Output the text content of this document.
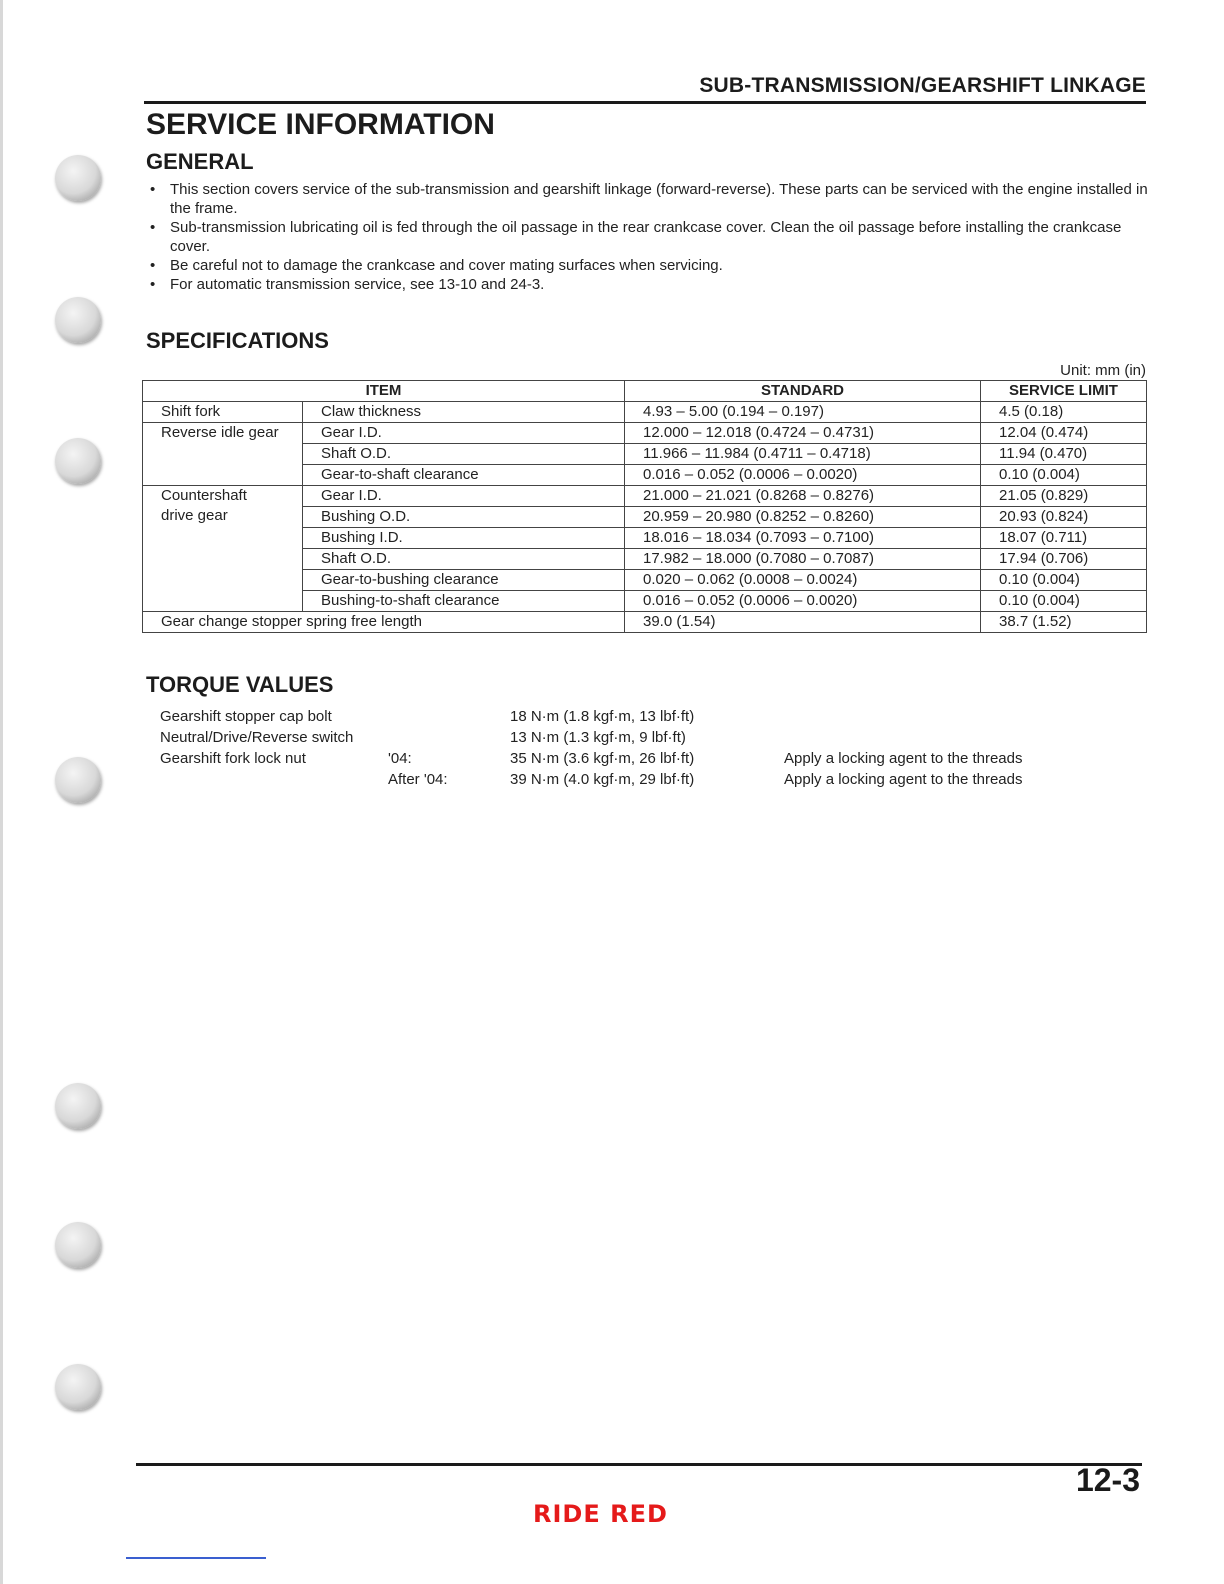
SUB-TRANSMISSION/GEARSHIFT LINKAGE
SERVICE INFORMATION
GENERAL
• This section covers service of the sub-transmission and gearshift linkage (forward-reverse). These parts can be serviced with the engine installed in the frame.
• Sub-transmission lubricating oil is fed through the oil passage in the rear crankcase cover. Clean the oil passage before installing the crankcase cover.
• Be careful not to damage the crankcase and cover mating surfaces when servicing.
• For automatic transmission service, see 13-10 and 24-3.
SPECIFICATIONS
Unit: mm (in)
ITEM		STANDARD	SERVICE LIMIT
Shift fork	Claw thickness	4.93 – 5.00 (0.194 – 0.197)	4.5 (0.18)
Reverse idle gear	Gear I.D.	12.000 – 12.018 (0.4724 – 0.4731)	12.04 (0.474)
	Shaft O.D.	11.966 – 11.984 (0.4711 – 0.4718)	11.94 (0.470)
	Gear-to-shaft clearance	0.016 – 0.052 (0.0006 – 0.0020)	0.10 (0.004)
Countershaft drive gear	Gear I.D.	21.000 – 21.021 (0.8268 – 0.8276)	21.05 (0.829)
	Bushing O.D.	20.959 – 20.980 (0.8252 – 0.8260)	20.93 (0.824)
	Bushing I.D.	18.016 – 18.034 (0.7093 – 0.7100)	18.07 (0.711)
	Shaft O.D.	17.982 – 18.000 (0.7080 – 0.7087)	17.94 (0.706)
	Gear-to-bushing clearance	0.020 – 0.062 (0.0008 – 0.0024)	0.10 (0.004)
	Bushing-to-shaft clearance	0.016 – 0.052 (0.0006 – 0.0020)	0.10 (0.004)
Gear change stopper spring free length		39.0 (1.54)	38.7 (1.52)
TORQUE VALUES
Gearshift stopper cap bolt	18 N·m (1.8 kgf·m, 13 lbf·ft)
Neutral/Drive/Reverse switch	13 N·m (1.3 kgf·m, 9 lbf·ft)
Gearshift fork lock nut	'04:	35 N·m (3.6 kgf·m, 26 lbf·ft)	Apply a locking agent to the threads
After '04:	39 N·m (4.0 kgf·m, 29 lbf·ft)	Apply a locking agent to the threads
12-3
RIDE RED
